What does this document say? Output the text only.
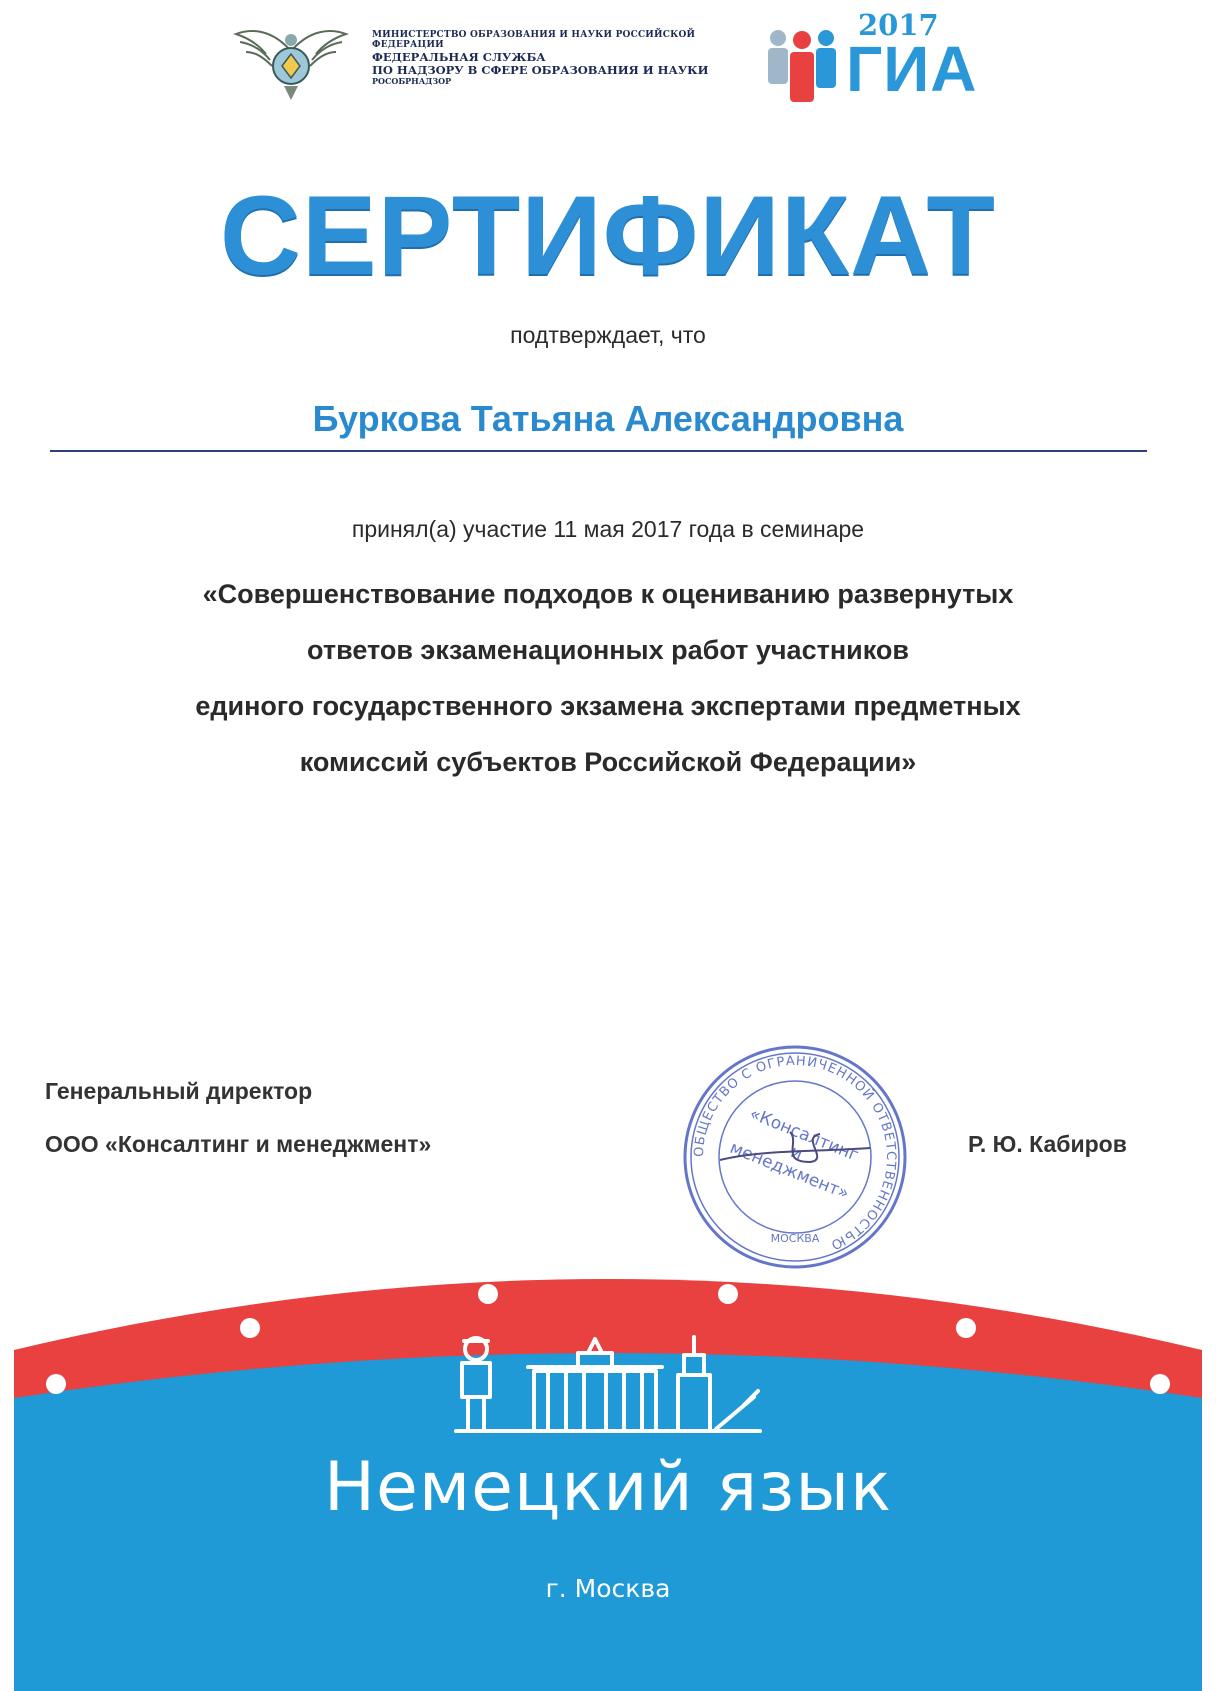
МИНИСТЕРСТВО ОБРАЗОВАНИЯ И НАУКИ РОССИЙСКОЙ ФЕДЕРАЦИИ
ФЕДЕРАЛЬНАЯ СЛУЖБА
ПО НАДЗОРУ В СФЕРЕ ОБРАЗОВАНИЯ И НАУКИ
РОСОБРНАДЗОР
2017
ГИА
СЕРТИФИКАТ
подтверждает, что
Буркова Татьяна Александровна
принял(а) участие 11 мая 2017 года в семинаре
«Совершенствование подходов к оцениванию развернутых
ответов экзаменационных работ участников
единого государственного экзамена экспертами предметных
комиссий субъектов Российской Федерации»
Генеральный директор
ООО «Консалтинг и менеджмент»	Р. Ю. Кабиров
ОБЩЕСТВО С ОГРАНИЧЕННОЙ ОТВЕТСТВЕННОСТЬЮ
МОСКВА
«Консалтинг и менеджмент»
Немецкий язык
г. Москва
